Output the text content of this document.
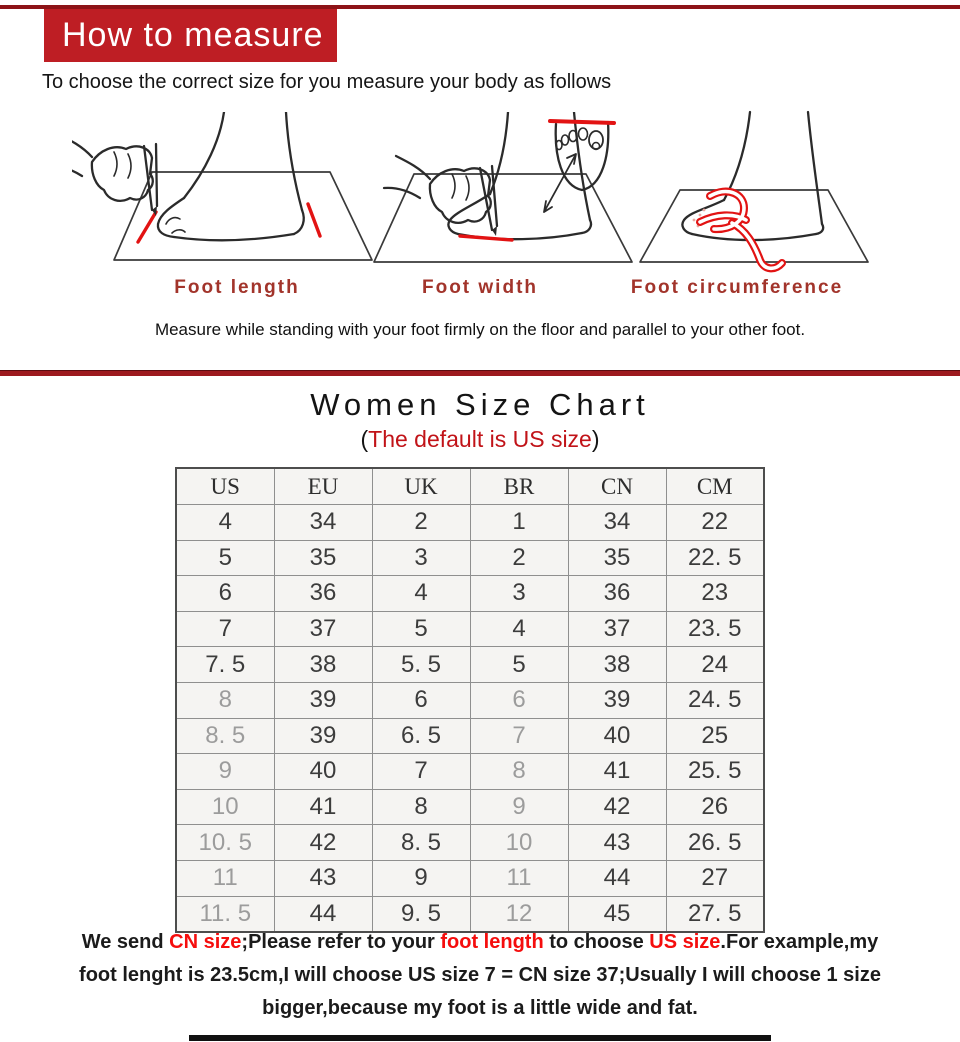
How to measure
To choose the correct size for you measure your body as follows
Foot length	Foot width	Foot circumference
Measure while standing with your foot firmly on the floor and parallel to your other foot.
Women Size Chart
(The default is US size)
US	EU	UK	BR	CN	CM
4	34	2	1	34	22
5	35	3	2	35	22. 5
6	36	4	3	36	23
7	37	5	4	37	23. 5
7. 5	38	5. 5	5	38	24
8	39	6	6	39	24. 5
8. 5	39	6. 5	7	40	25
9	40	7	8	41	25. 5
10	41	8	9	42	26
10. 5	42	8. 5	10	43	26. 5
11	43	9	11	44	27
11. 5	44	9. 5	12	45	27. 5
We send CN size;Please refer to your foot length to choose US size.For example,my
foot lenght is 23.5cm,I will choose US size 7 = CN size 37;Usually I will choose 1 size
bigger,because my foot is a little wide and fat.
